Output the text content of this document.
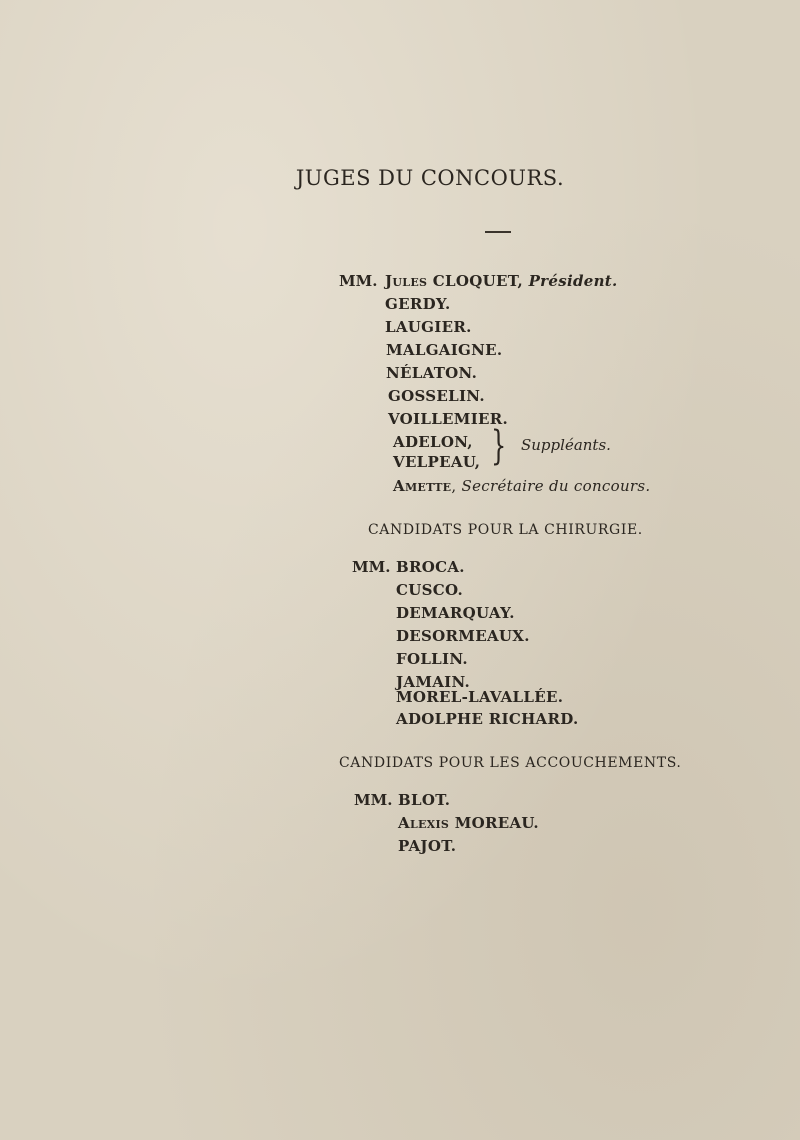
JUGES DU CONCOURS.
MM. Jules CLOQUET, Président.
GERDY.
LAUGIER.
MALGAIGNE.
NÉLATON.
GOSSELIN.
VOILLEMIER.
ADELON,
VELPEAU, } Suppléants.
Amette, Secrétaire du concours.
CANDIDATS POUR LA CHIRURGIE.
MM. BROCA.
CUSCO.
DEMARQUAY.
DESORMEAUX.
FOLLIN.
JAMAIN.
MOREL-LAVALLÉE.
ADOLPHE RICHARD.
CANDIDATS POUR LES ACCOUCHEMENTS.
MM. BLOT.
Alexis MOREAU.
PAJOT.
